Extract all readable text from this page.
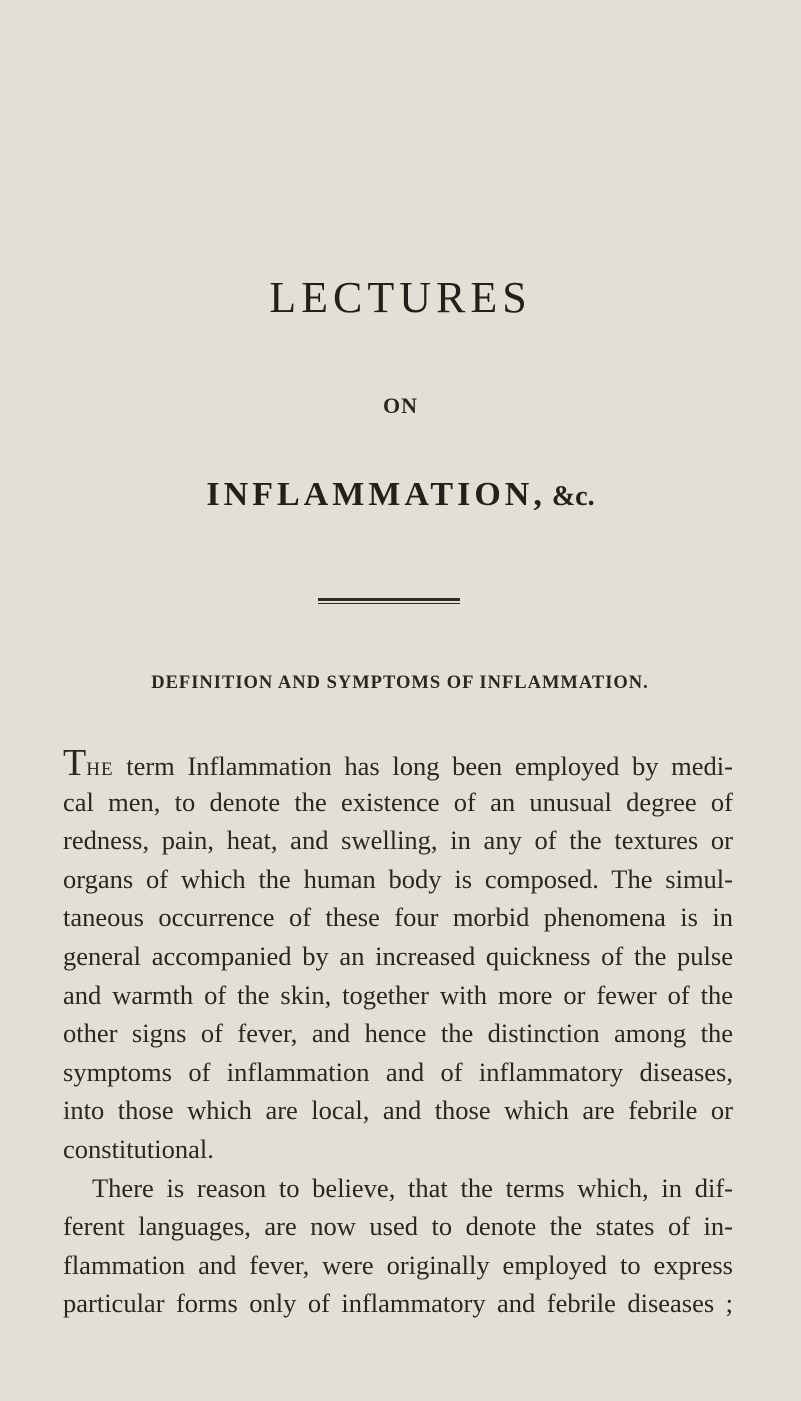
LECTURES
ON
INFLAMMATION, &c.
DEFINITION AND SYMPTOMS OF INFLAMMATION.
THE term Inflammation has long been employed by medi-
cal men, to denote the existence of an unusual degree of
redness, pain, heat, and swelling, in any of the textures or
organs of which the human body is composed. The simul-
taneous occurrence of these four morbid phenomena is in
general accompanied by an increased quickness of the pulse
and warmth of the skin, together with more or fewer of the
other signs of fever, and hence the distinction among the
symptoms of inflammation and of inflammatory diseases,
into those which are local, and those which are febrile or
constitutional.
There is reason to believe, that the terms which, in dif-
ferent languages, are now used to denote the states of in-
flammation and fever, were originally employed to express
particular forms only of inflammatory and febrile diseases ;
